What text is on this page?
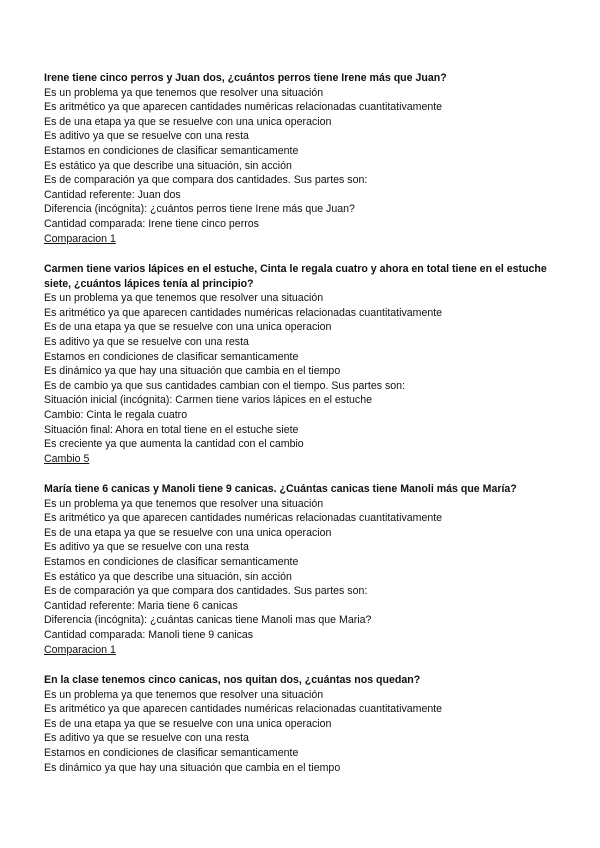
Irene tiene cinco perros y Juan dos, ¿cuántos perros tiene Irene más que Juan?

Es un problema ya que tenemos que resolver una situación

Es aritmético ya que aparecen cantidades numéricas relacionadas cuantitativamente

Es de una etapa ya que se resuelve con una unica operacion

Es aditivo ya que se resuelve con una resta

Estamos en condiciones de clasificar semanticamente

Es estático ya que describe una situación, sin acción

Es de comparación ya que compara dos cantidades. Sus partes son:

Cantidad referente: Juan dos

Diferencia (incógnita): ¿cuántos perros tiene Irene más que Juan?

Cantidad comparada: Irene tiene cinco perros

Comparacion 1

Carmen tiene varios lápices en el estuche, Cinta le regala cuatro y ahora en total tiene en el estuche siete, ¿cuántos lápices tenía al principio?

Es un problema ya que tenemos que resolver una situación

Es aritmético ya que aparecen cantidades numéricas relacionadas cuantitativamente

Es de una etapa ya que se resuelve con una unica operacion

Es aditivo ya que se resuelve con una resta

Estamos en condiciones de clasificar semanticamente

Es dinámico ya que hay una situación que cambia en el tiempo

Es de cambio ya que sus cantidades cambian con el tiempo. Sus partes son:

Situación inicial (incógnita): Carmen tiene varios lápices en el estuche

Cambio: Cinta le regala cuatro

Situación final: Ahora en total tiene en el estuche siete

Es creciente ya que aumenta la cantidad con el cambio

Cambio 5

María tiene 6 canicas y Manoli tiene 9 canicas. ¿Cuántas canicas tiene Manoli más que María?

Es un problema ya que tenemos que resolver una situación

Es aritmético ya que aparecen cantidades numéricas relacionadas cuantitativamente

Es de una etapa ya que se resuelve con una unica operacion

Es aditivo ya que se resuelve con una resta

Estamos en condiciones de clasificar semanticamente

Es estático ya que describe una situación, sin acción

Es de comparación ya que compara dos cantidades. Sus partes son:

Cantidad referente: Maria tiene 6 canicas

Diferencia (incógnita): ¿cuántas canicas tiene Manoli mas que Maria?

Cantidad comparada: Manoli tiene 9 canicas

Comparacion 1

En la clase tenemos cinco canicas, nos quitan dos, ¿cuántas nos quedan?

Es un problema ya que tenemos que resolver una situación

Es aritmético ya que aparecen cantidades numéricas relacionadas cuantitativamente

Es de una etapa ya que se resuelve con una unica operacion

Es aditivo ya que se resuelve con una resta

Estamos en condiciones de clasificar semanticamente

Es dinámico ya que hay una situación que cambia en el tiempo
